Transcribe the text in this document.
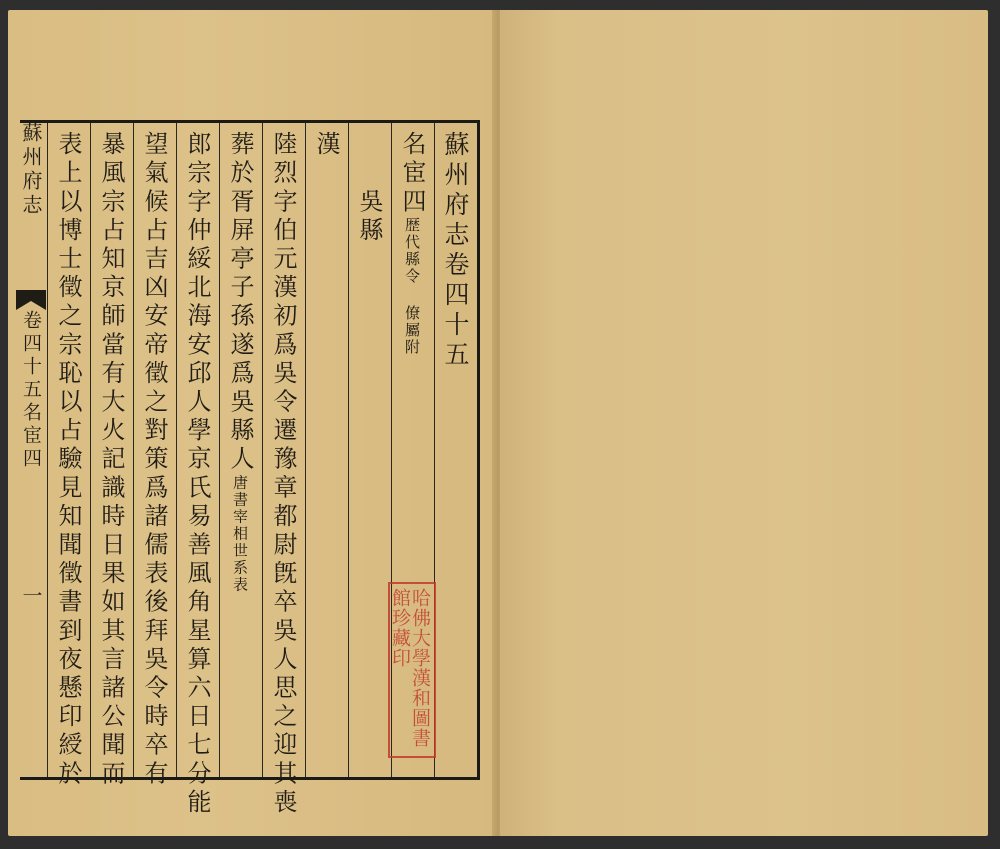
蘇州府志
卷四十五名宦四
一
蘇州府志卷四十五
名宦四歴代縣令 僚屬附
　　吳縣
漢
陸烈字伯元漢初爲吳令遷豫章都尉旣卒吳人思之迎其喪
葬於胥屏亭子孫遂爲吳縣人唐書宰相世系表
郎宗字仲綏北海安邱人學京氏易善風角星算六日七分能
望氣候占吉凶安帝徵之對策爲諸儒表後拜吳令時卒有
暴風宗占知京師當有大火記識時日果如其言諸公聞而
表上以博士徵之宗恥以占驗見知聞徵書到夜懸印綬於	哈佛大學漢和圖書館珍藏印
